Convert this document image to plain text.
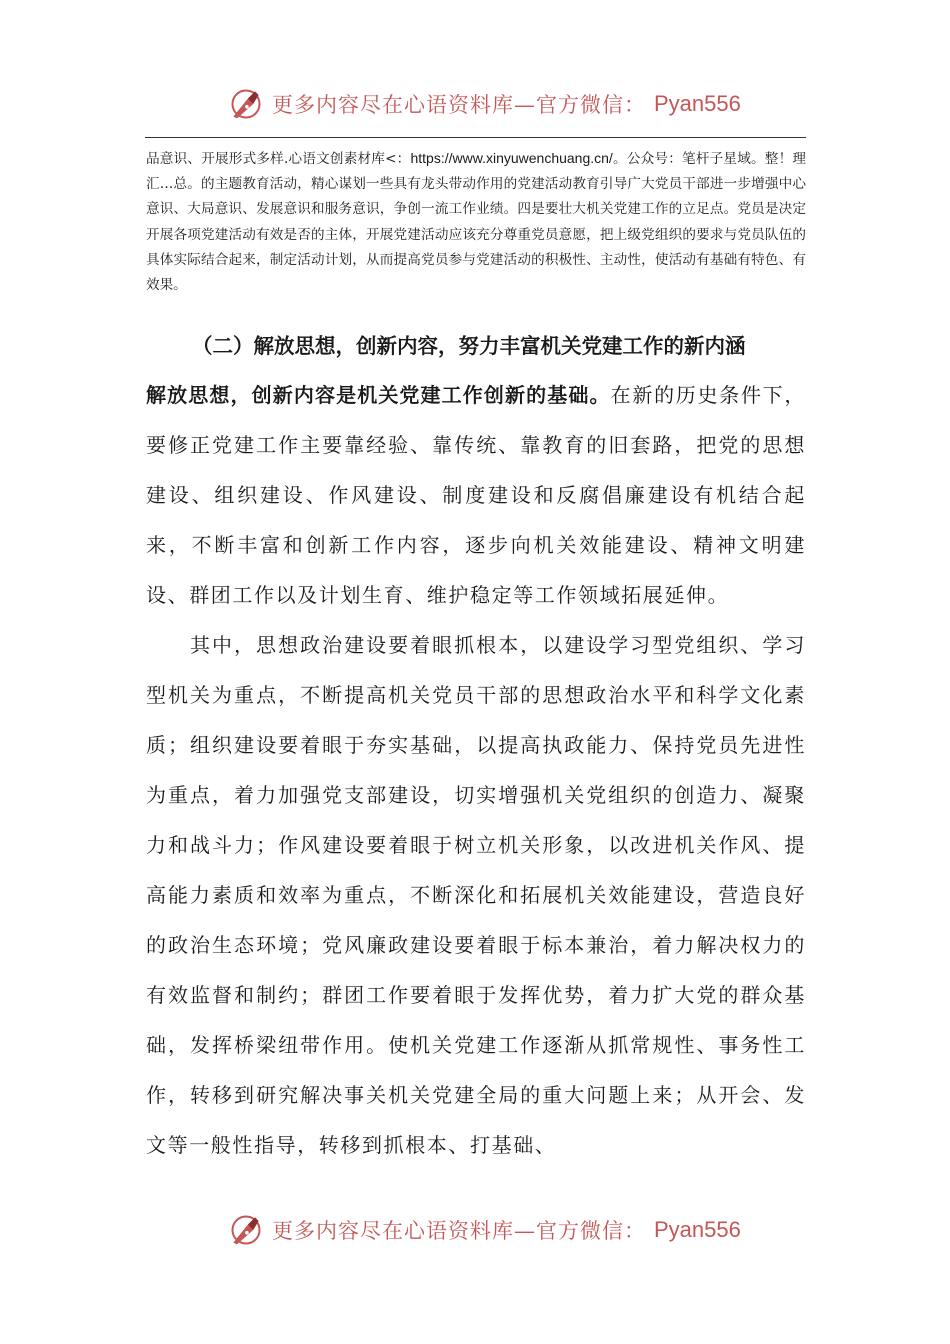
更多内容尽在心语资料库—官方微信： Pyan556
品意识、开展形式多样.心语文创素材库<：https://www.xinyuwenchuang.cn/。公众号：笔杆子星域。整！理汇…总。的主题教育活动，精心谋划一些具有龙头带动作用的党建活动教育引导广大党员干部进一步增强中心意识、大局意识、发展意识和服务意识，争创一流工作业绩。四是要壮大机关党建工作的立足点。党员是决定开展各项党建活动有效是否的主体，开展党建活动应该充分尊重党员意愿，把上级党组织的要求与党员队伍的具体实际结合起来，制定活动计划，从而提高党员参与党建活动的积极性、主动性，使活动有基础有特色、有效果。
（二）解放思想，创新内容，努力丰富机关党建工作的新内涵
解放思想，创新内容是机关党建工作创新的基础。在新的历史条件下，要修正党建工作主要靠经验、靠传统、靠教育的旧套路，把党的思想建设、组织建设、作风建设、制度建设和反腐倡廉建设有机结合起来，不断丰富和创新工作内容，逐步向机关效能建设、精神文明建设、群团工作以及计划生育、维护稳定等工作领域拓展延伸。
其中，思想政治建设要着眼抓根本，以建设学习型党组织、学习型机关为重点，不断提高机关党员干部的思想政治水平和科学文化素质；组织建设要着眼于夯实基础，以提高执政能力、保持党员先进性为重点，着力加强党支部建设，切实增强机关党组织的创造力、凝聚力和战斗力；作风建设要着眼于树立机关形象，以改进机关作风、提高能力素质和效率为重点，不断深化和拓展机关效能建设，营造良好的政治生态环境；党风廉政建设要着眼于标本兼治，着力解决权力的有效监督和制约；群团工作要着眼于发挥优势，着力扩大党的群众基础，发挥桥梁纽带作用。使机关党建工作逐渐从抓常规性、事务性工作，转移到研究解决事关机关党建全局的重大问题上来；从开会、发文等一般性指导，转移到抓根本、打基础、
更多内容尽在心语资料库—官方微信： Pyan556
